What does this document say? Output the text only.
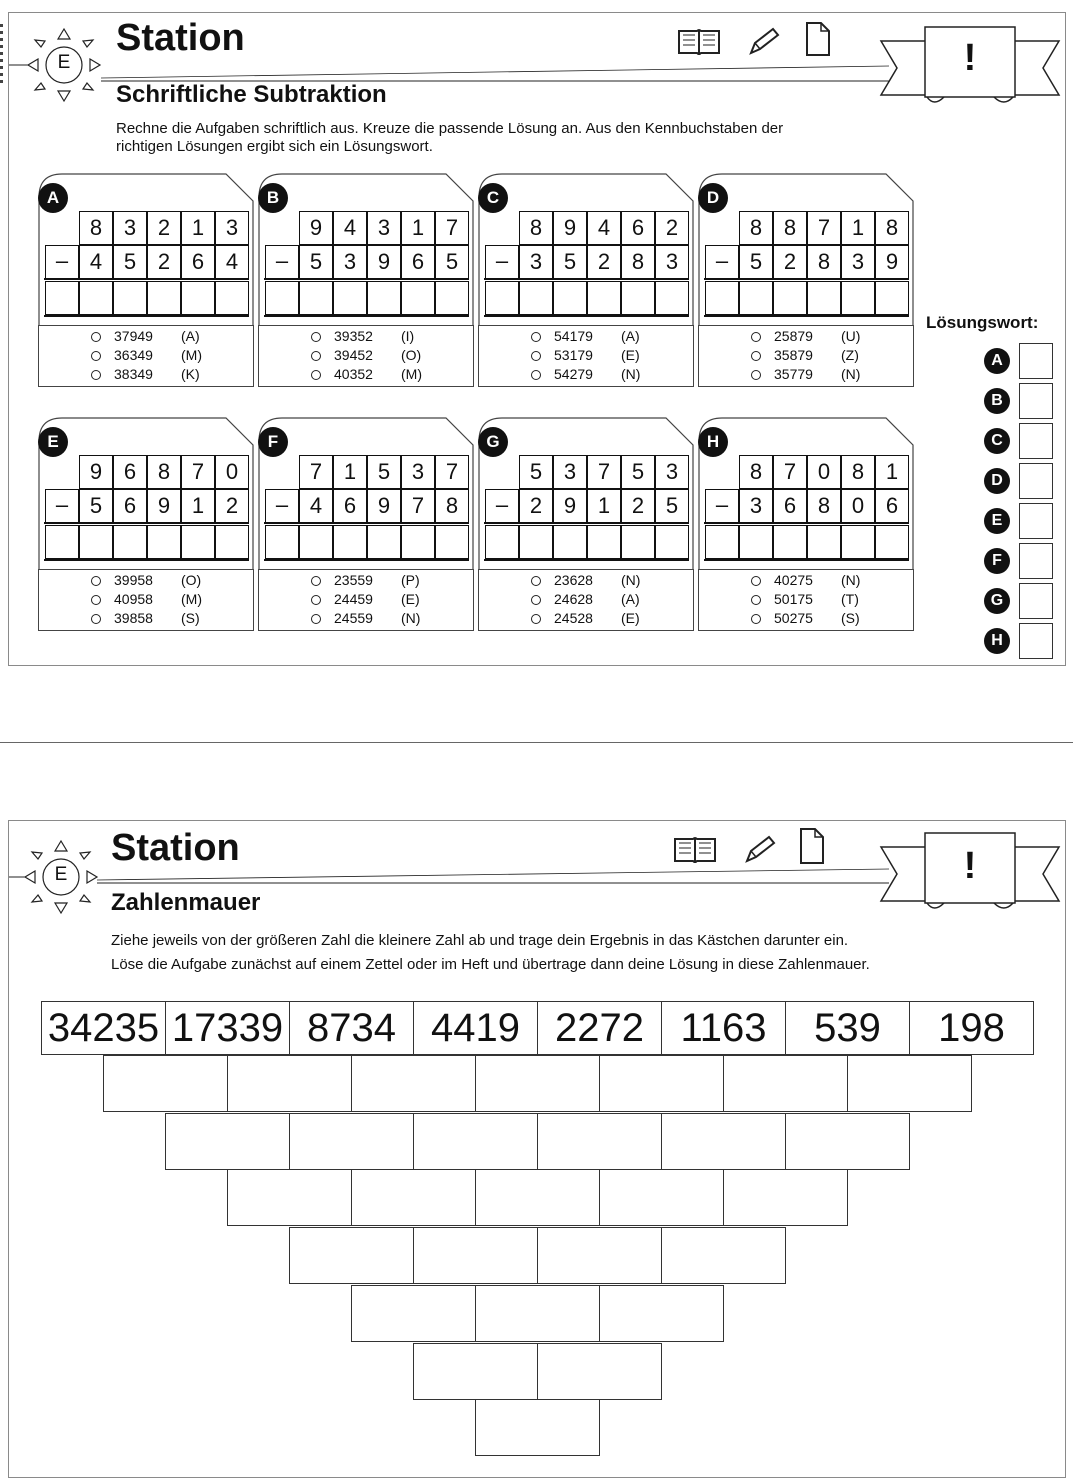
E
Station	!
Schriftliche Subtraktion
Rechne die Aufgaben schriftlich aus. Kreuze die passende Lösung an. Aus den Kennbuchstaben der
richtigen Lösungen ergibt sich ein Lösungswort.
A
8 3 2 1 3
– 4 5 2 6 4
37949 (A)
36349 (M)
38349 (K)
B
9 4 3 1 7
– 5 3 9 6 5
39352 (I)
39452 (O)
40352 (M)
C
8 9 4 6 2
– 3 5 2 8 3
54179 (A)
53179 (E)
54279 (N)
D
8 8 7 1 8
– 5 2 8 3 9
25879 (U)
35879 (Z)
35779 (N)
E
9 6 8 7 0
– 5 6 9 1 2
39958 (O)
40958 (M)
39858 (S)
F
7 1 5 3 7
– 4 6 9 7 8
23559 (P)
24459 (E)
24559 (N)
G
5 3 7 5 3
– 2 9 1 2 5
23628 (N)
24628 (A)
24528 (E)
H
8 7 0 8 1
– 3 6 8 0 6
40275 (N)
50175 (T)
50275 (S)
Lösungswort:
A
B
C
D
E
F
G
H
E
Station	!
Zahlenmauer
Ziehe jeweils von der größeren Zahl die kleinere Zahl ab und trage dein Ergebnis in das Kästchen darunter ein.
Löse die Aufgabe zunächst auf einem Zettel oder im Heft und übertrage dann deine Lösung in diese Zahlenmauer.
34235 17339 8734 4419 2272 1163	539	198
